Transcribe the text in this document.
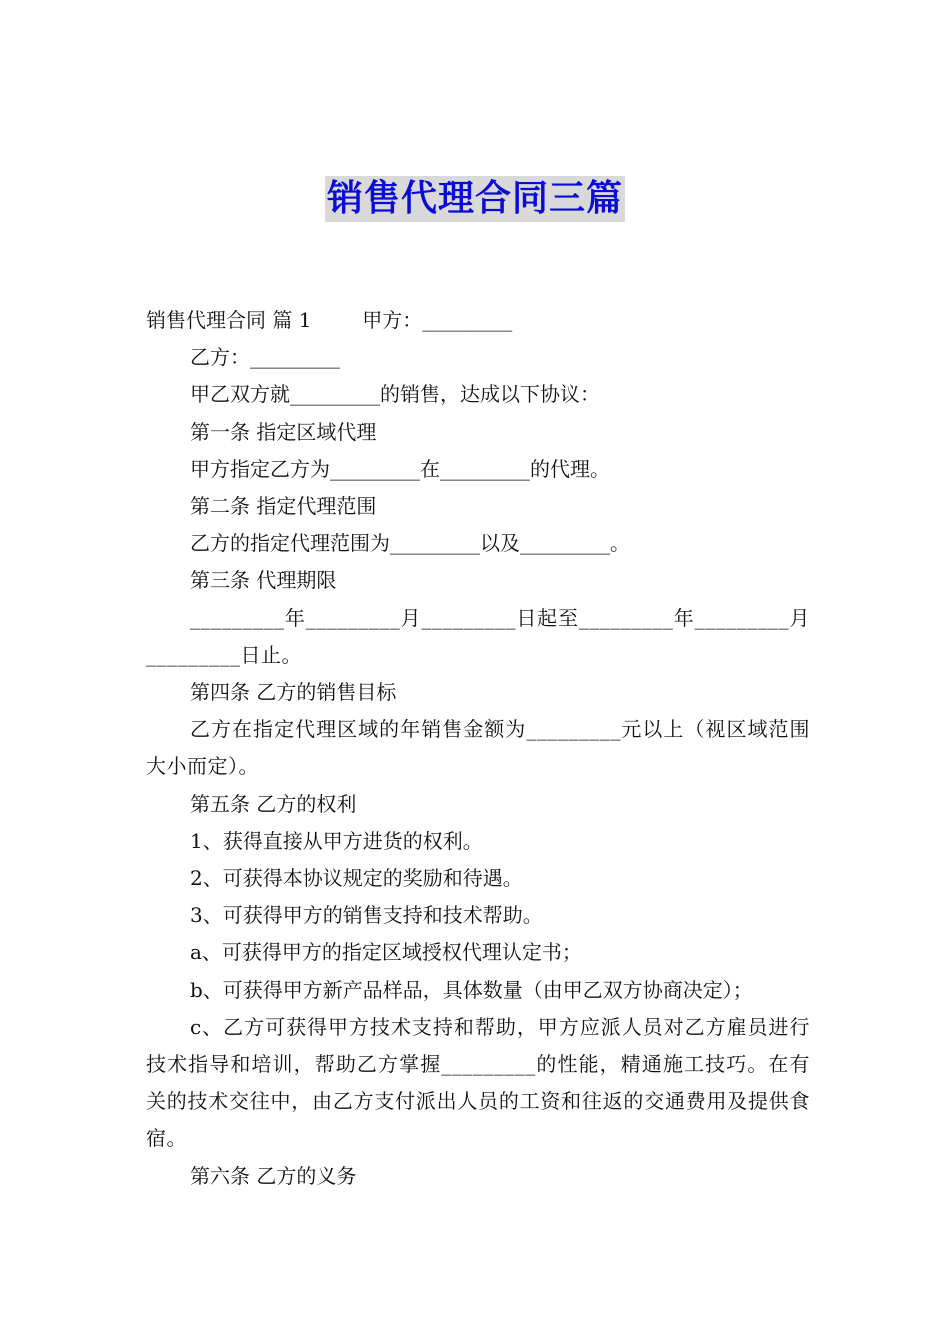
销售代理合同三篇

销售代理合同 篇 1        甲方：_________

乙方：_________

甲乙双方就_________的销售，达成以下协议：

第一条 指定区域代理

甲方指定乙方为_________在_________的代理。

第二条 指定代理范围

乙方的指定代理范围为_________以及_________。

第三条 代理期限

_________年_________月_________日起至_________年_________月_________日止。

第四条 乙方的销售目标

乙方在指定代理区域的年销售金额为_________元以上（视区域范围大小而定）。

第五条 乙方的权利

1、获得直接从甲方进货的权利。

2、可获得本协议规定的奖励和待遇。

3、可获得甲方的销售支持和技术帮助。

a、可获得甲方的指定区域授权代理认定书；

b、可获得甲方新产品样品，具体数量（由甲乙双方协商决定）；

c、乙方可获得甲方技术支持和帮助，甲方应派人员对乙方雇员进行技术指导和培训，帮助乙方掌握_________的性能，精通施工技巧。在有关的技术交往中，由乙方支付派出人员的工资和往返的交通费用及提供食宿。

第六条 乙方的义务
